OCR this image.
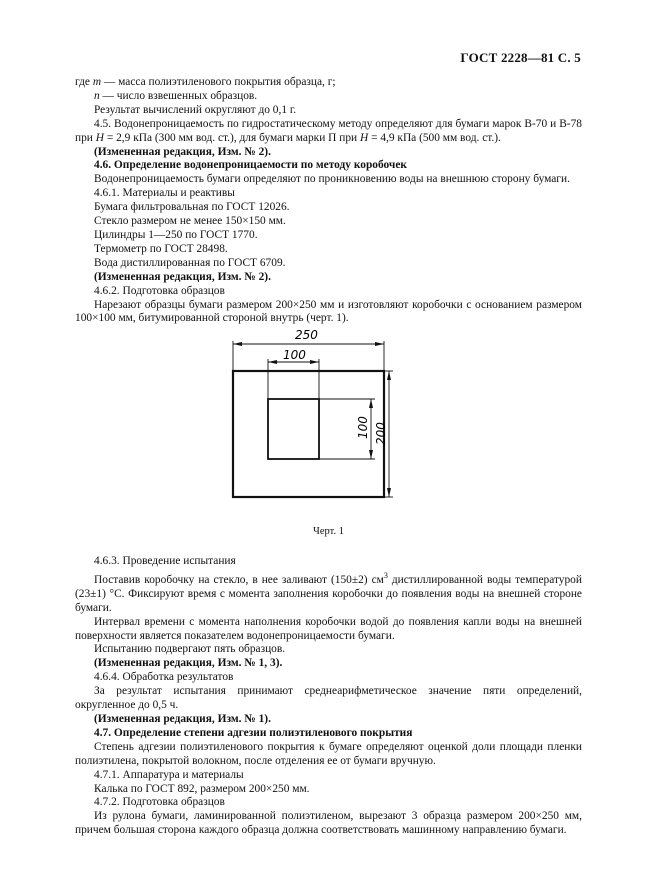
ГОСТ 2228—81 С. 5

где m — масса полиэтиленового покрытия образца, г;

n — число взвешенных образцов.

Результат вычислений округляют до 0,1 г.

4.5. Водонепроницаемость по гидростатическому методу определяют для бумаги марок В-70 и В-78 при H = 2,9 кПа (300 мм вод. ст.), для бумаги марки П при H = 4,9 кПа (500 мм вод. ст.).

(Измененная редакция, Изм. № 2).

4.6. Определение водонепроницаемости по методу коробочек

Водонепроницаемость бумаги определяют по проникновению воды на внешнюю сторону бумаги.

4.6.1. Материалы и реактивы

Бумага фильтровальная по ГОСТ 12026.

Стекло размером не менее 150×150 мм.

Цилиндры 1—250 по ГОСТ 1770.

Термометр по ГОСТ 28498.

Вода дистиллированная по ГОСТ 6709.

(Измененная редакция, Изм. № 2).

4.6.2. Подготовка образцов

Нарезают образцы бумаги размером 200×250 мм и изготовляют коробочки с основанием размером 100×100 мм, битумированной стороной внутрь (черт. 1).

250
100
100 200
Черт. 1

4.6.3. Проведение испытания

Поставив коробочку на стекло, в нее заливают (150±2) $см^3$ дистиллированной воды температурой (23±1) °С. Фиксируют время с момента заполнения коробочки до появления воды на внешней стороне бумаги.

Интервал времени с момента наполнения коробочки водой до появления капли воды на внешней поверхности является показателем водонепроницаемости бумаги.

Испытанию подвергают пять образцов.

(Измененная редакция, Изм. № 1, 3).

4.6.4. Обработка результатов

За результат испытания принимают среднеарифметическое значение пяти определений, округленное до 0,5 ч.

(Измененная редакция, Изм. № 1).

4.7. Определение степени адгезии полиэтиленового покрытия

Степень адгезии полиэтиленового покрытия к бумаге определяют оценкой доли площади пленки полиэтилена, покрытой волокном, после отделения ее от бумаги вручную.

4.7.1. Аппаратура и материалы

Калька по ГОСТ 892, размером 200×250 мм.

4.7.2. Подготовка образцов

Из рулона бумаги, ламинированной полиэтиленом, вырезают 3 образца размером 200×250 мм, причем большая сторона каждого образца должна соответствовать машинному направлению бумаги.
